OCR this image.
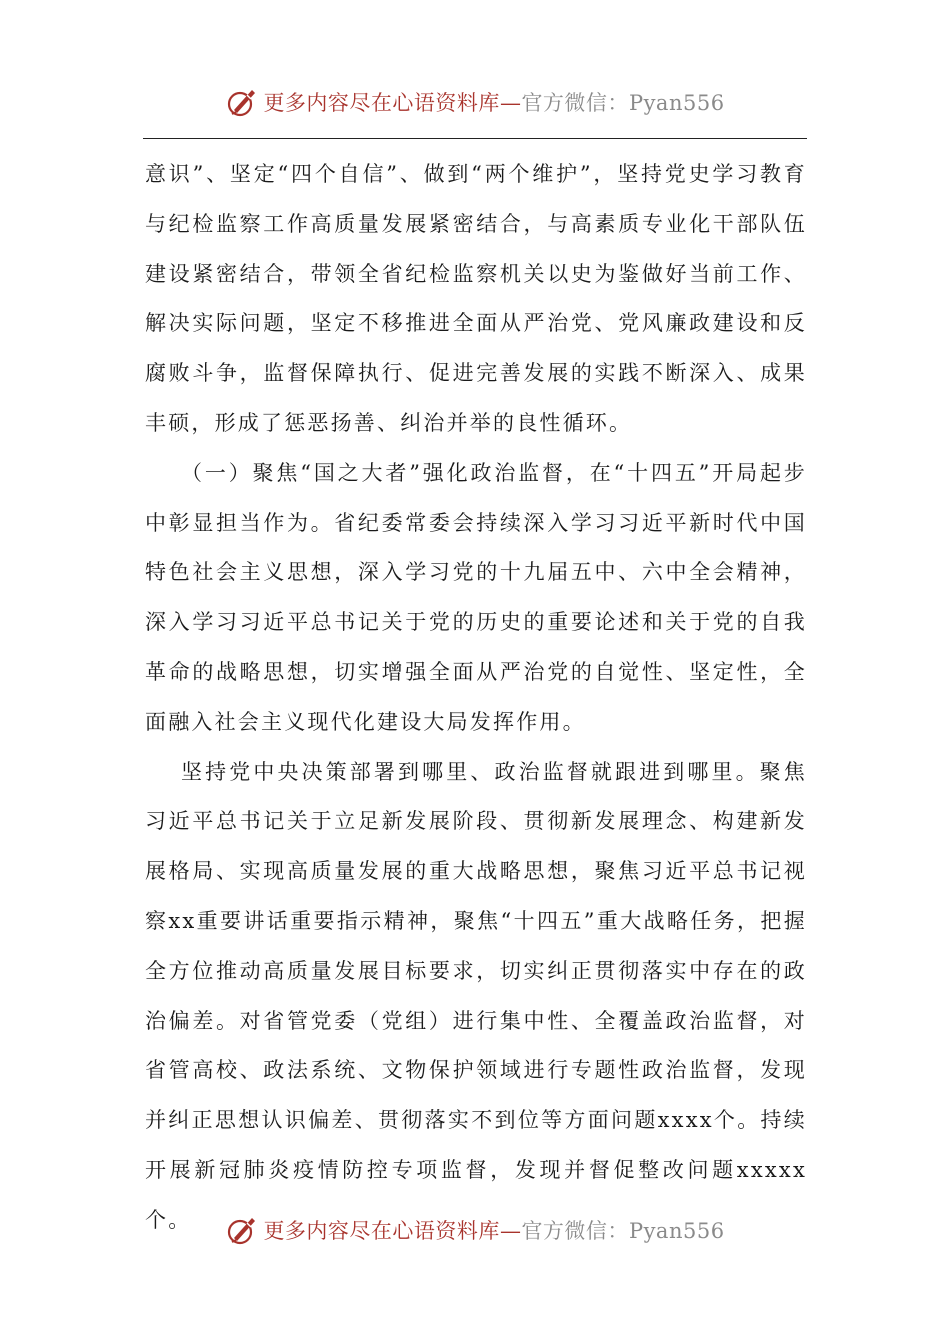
更多内容尽在心语资料库—官方微信：Pyan556

意识”、坚定“四个自信”、做到“两个维护”，坚持党史学习教育与纪检监察工作高质量发展紧密结合，与高素质专业化干部队伍建设紧密结合，带领全省纪检监察机关以史为鉴做好当前工作、解决实际问题，坚定不移推进全面从严治党、党风廉政建设和反腐败斗争，监督保障执行、促进完善发展的实践不断深入、成果丰硕，形成了惩恶扬善、纠治并举的良性循环。

（一）聚焦“国之大者”强化政治监督，在“十四五”开局起步中彰显担当作为。省纪委常委会持续深入学习习近平新时代中国特色社会主义思想，深入学习党的十九届五中、六中全会精神，深入学习习近平总书记关于党的历史的重要论述和关于党的自我革命的战略思想，切实增强全面从严治党的自觉性、坚定性，全面融入社会主义现代化建设大局发挥作用。

坚持党中央决策部署到哪里、政治监督就跟进到哪里。聚焦习近平总书记关于立足新发展阶段、贯彻新发展理念、构建新发展格局、实现高质量发展的重大战略思想，聚焦习近平总书记视察xx重要讲话重要指示精神，聚焦“十四五”重大战略任务，把握全方位推动高质量发展目标要求，切实纠正贯彻落实中存在的政治偏差。对省管党委（党组）进行集中性、全覆盖政治监督，对省管高校、政法系统、文物保护领域进行专题性政治监督，发现并纠正思想认识偏差、贯彻落实不到位等方面问题xxxx个。持续开展新冠肺炎疫情防控专项监督，发现并督促整改问题xxxxx个。	更多内容尽在心语资料库—官方微信：Pyan556
